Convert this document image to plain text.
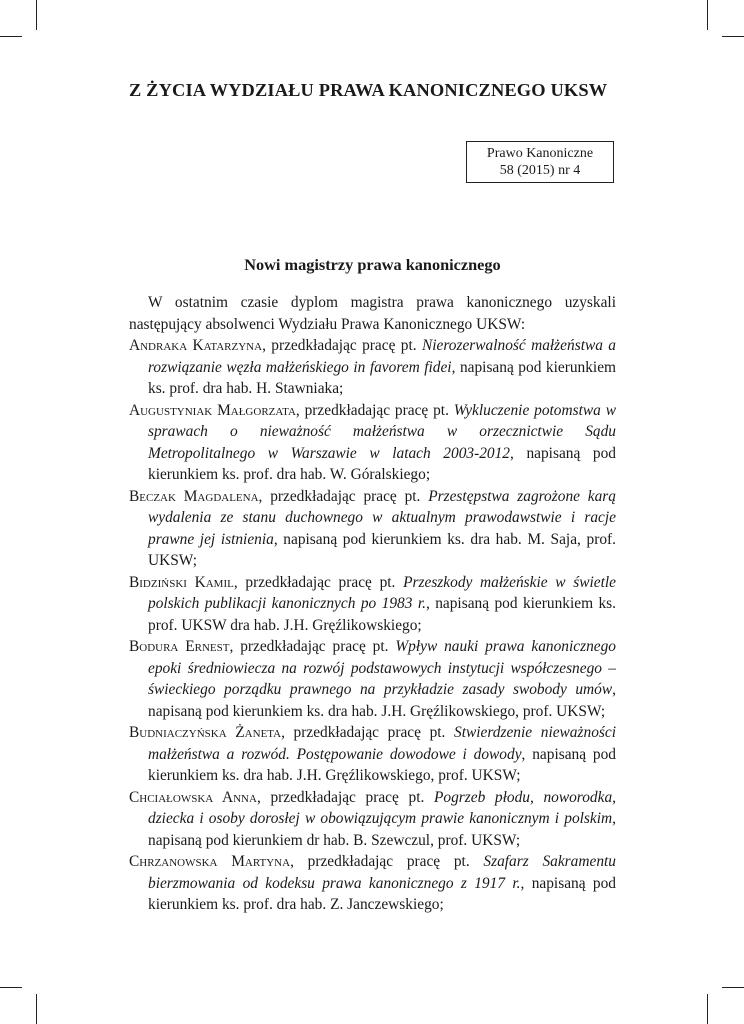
Z ŻYCIA WYDZIAŁU PRAWA KANONICZNEGO UKSW
Prawo Kanoniczne
58 (2015) nr 4
Nowi magistrzy prawa kanonicznego

W ostatnim czasie dyplom magistra prawa kanonicznego uzyskali następujący absolwenci Wydziału Prawa Kanonicznego UKSW:

Andraka Katarzyna, przedkładając pracę pt. Nierozerwalność małżeństwa a rozwiązanie węzła małżeńskiego in favorem fidei, napisaną pod kierunkiem ks. prof. dra hab. H. Stawniaka;

Augustyniak Małgorzata, przedkładając pracę pt. Wykluczenie potomstwa w sprawach o nieważność małżeństwa w orzecznictwie Sądu Metropolitalnego w Warszawie w latach 2003-2012, napisaną pod kierunkiem ks. prof. dra hab. W. Góralskiego;

Beczak Magdalena, przedkładając pracę pt. Przestępstwa zagrożone karą wydalenia ze stanu duchownego w aktualnym prawodawstwie i racje prawne jej istnienia, napisaną pod kierunkiem ks. dra hab. M. Saja, prof. UKSW;

Bidziński Kamil, przedkładając pracę pt. Przeszkody małżeńskie w świetle polskich publikacji kanonicznych po 1983 r., napisaną pod kierunkiem ks. prof. UKSW dra hab. J.H. Gręźlikowskiego;

Bodura Ernest, przedkładając pracę pt. Wpływ nauki prawa kanonicznego epoki średniowiecza na rozwój podstawowych instytucji współczesnego – świeckiego porządku prawnego na przykładzie zasady swobody umów, napisaną pod kierunkiem ks. dra hab. J.H. Gręźlikowskiego, prof. UKSW;

Budniaczyńska Żaneta, przedkładając pracę pt. Stwierdzenie nieważności małżeństwa a rozwód. Postępowanie dowodowe i dowody, napisaną pod kierunkiem ks. dra hab. J.H. Gręźlikowskiego, prof. UKSW;

Chciałowska Anna, przedkładając pracę pt. Pogrzeb płodu, noworodka, dziecka i osoby dorosłej w obowiązującym prawie kanonicznym i polskim, napisaną pod kierunkiem dr hab. B. Szewczul, prof. UKSW;

Chrzanowska Martyna, przedkładając pracę pt. Szafarz Sakramentu bierzmowania od kodeksu prawa kanonicznego z 1917 r., napisaną pod kierunkiem ks. prof. dra hab. Z. Janczewskiego;
